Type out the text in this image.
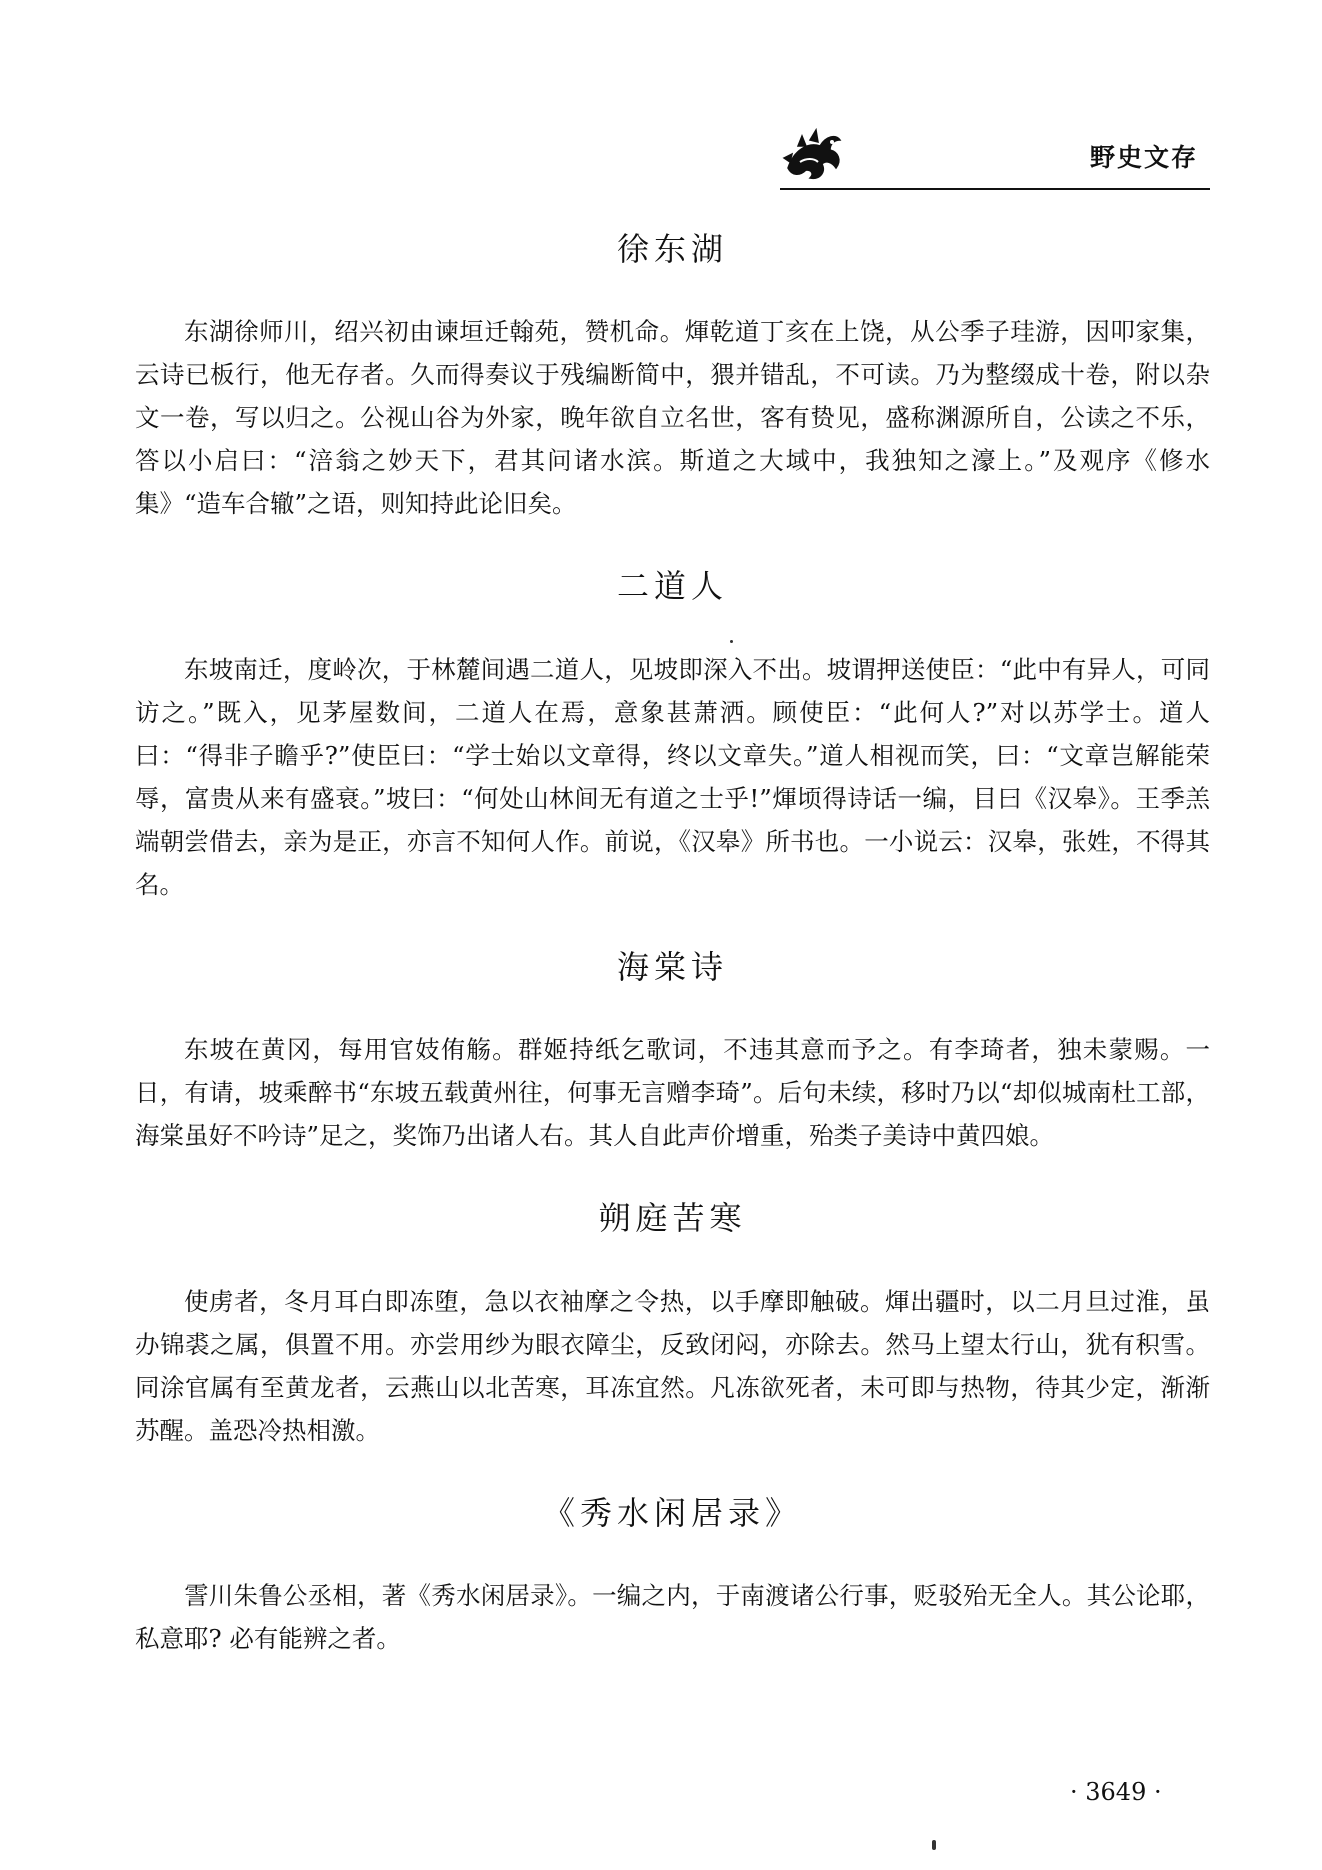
野史文存
徐东湖

东湖徐师川，绍兴初由谏垣迁翰苑，赞机命。煇乾道丁亥在上饶，从公季子珪游，因叩家集，云诗已板行，他无存者。久而得奏议于残编断简中，猥并错乱，不可读。乃为整缀成十卷，附以杂文一卷，写以归之。公视山谷为外家，晚年欲自立名世，客有贽见，盛称渊源所自，公读之不乐，答以小启曰：“涪翁之妙天下，君其问诸水滨。斯道之大域中，我独知之濠上。”及观序《修水集》“造车合辙”之语，则知持此论旧矣。

二道人

东坡南迁，度岭次，于林麓间遇二道人，见坡即深入不出。坡谓押送使臣：“此中有异人，可同访之。”既入，见茅屋数间，二道人在焉，意象甚萧洒。顾使臣：“此何人?”对以苏学士。道人曰：“得非子瞻乎?”使臣曰：“学士始以文章得，终以文章失。”道人相视而笑，曰：“文章岂解能荣辱，富贵从来有盛衰。”坡曰：“何处山林间无有道之士乎!”煇顷得诗话一编，目曰《汉皋》。王季羔端朝尝借去，亲为是正，亦言不知何人作。前说，《汉皋》所书也。一小说云：汉皋，张姓，不得其名。

海棠诗

东坡在黄冈，每用官妓侑觞。群姬持纸乞歌词，不违其意而予之。有李琦者，独未蒙赐。一日，有请，坡乘醉书“东坡五载黄州往，何事无言赠李琦”。后句未续，移时乃以“却似城南杜工部，海棠虽好不吟诗”足之，奖饰乃出诸人右。其人自此声价增重，殆类子美诗中黄四娘。

朔庭苦寒

使虏者，冬月耳白即冻堕，急以衣袖摩之令热，以手摩即触破。煇出疆时，以二月旦过淮，虽办锦裘之属，俱置不用。亦尝用纱为眼衣障尘，反致闭闷，亦除去。然马上望太行山，犹有积雪。同涂官属有至黄龙者，云燕山以北苦寒，耳冻宜然。凡冻欲死者，未可即与热物，待其少定，渐渐苏醒。盖恐冷热相激。

《秀水闲居录》

霅川朱鲁公丞相，著《秀水闲居录》。一编之内，于南渡诸公行事，贬驳殆无全人。其公论耶，私意耶? 必有能辨之者。

· 3649 ·
